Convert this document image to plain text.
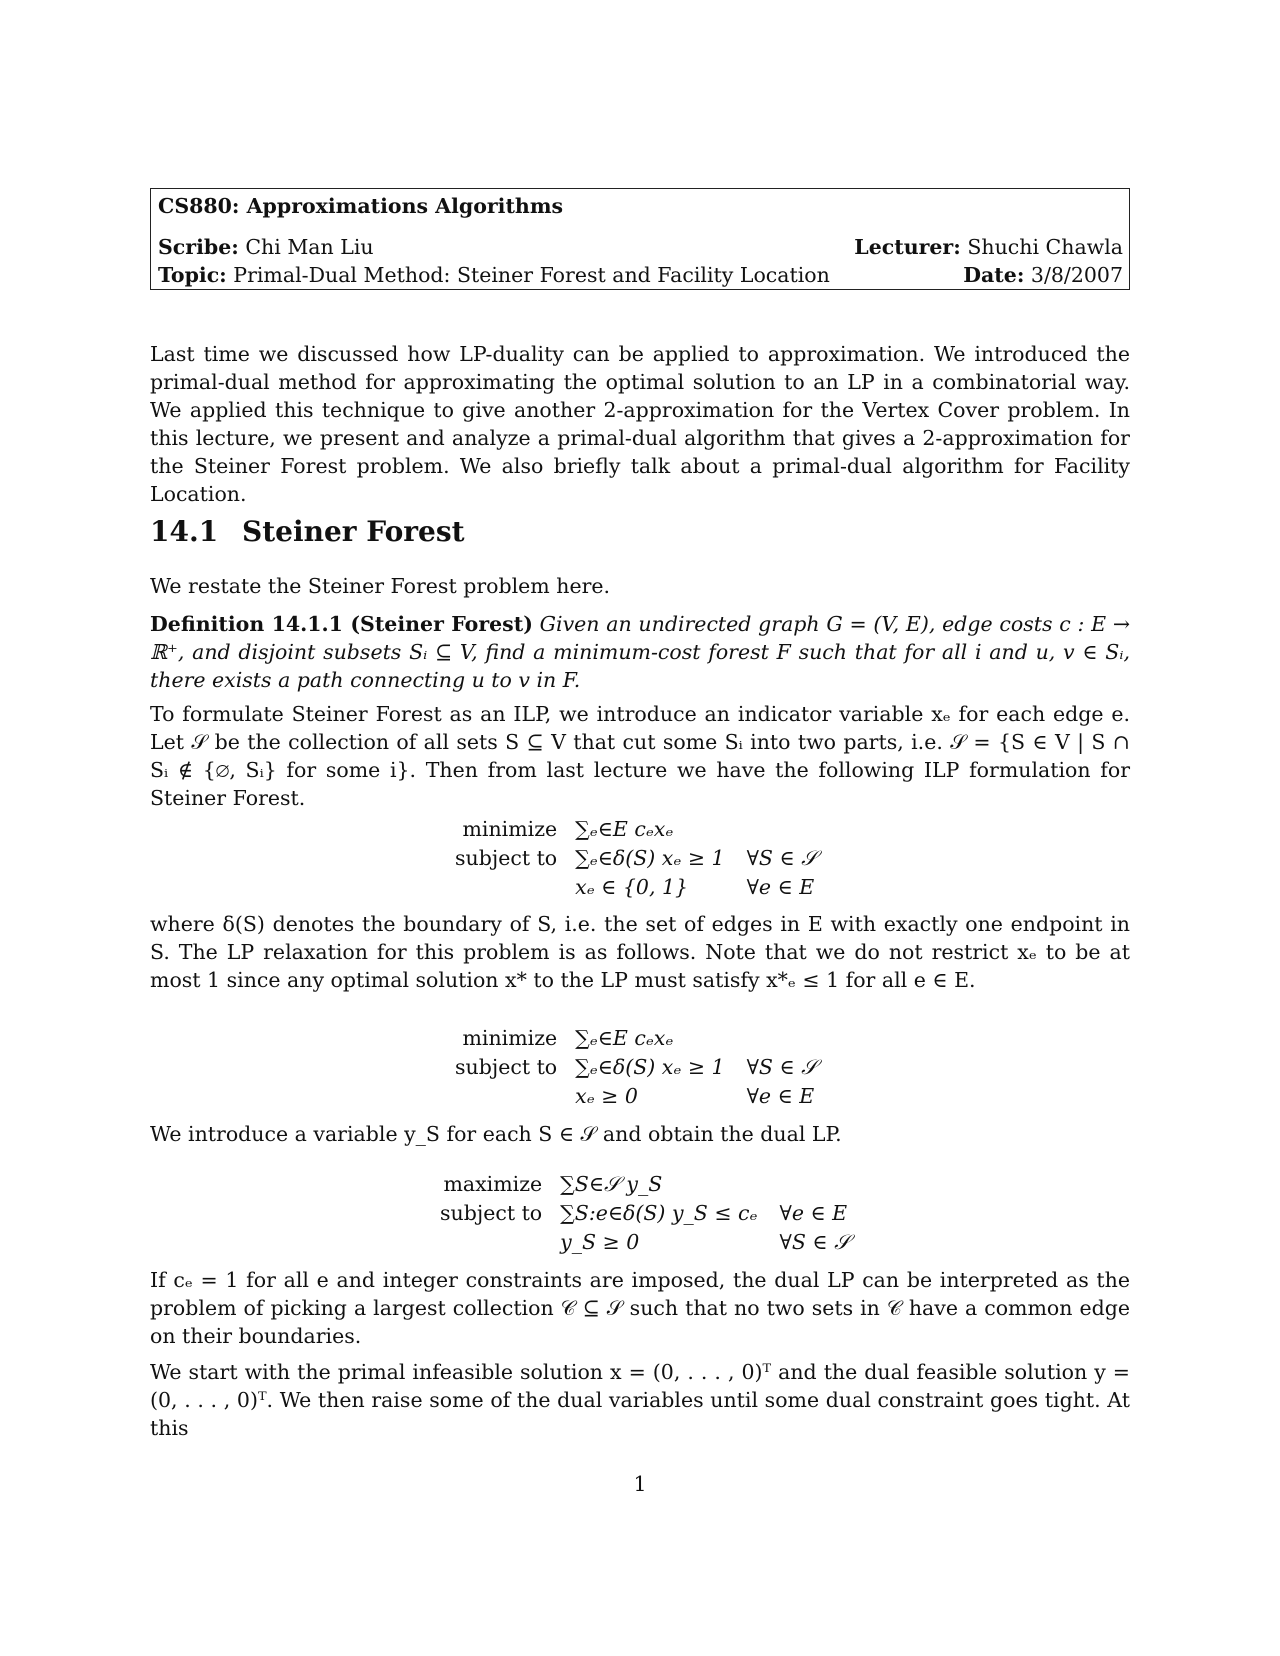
CS880: Approximations Algorithms
Scribe: Chi Man Liu	Lecturer: Shuchi Chawla
Topic: Primal-Dual Method: Steiner Forest and Facility Location	Date: 3/8/2007
Last time we discussed how LP-duality can be applied to approximation. We introduced the primal-dual method for approximating the optimal solution to an LP in a combinatorial way. We applied this technique to give another 2-approximation for the Vertex Cover problem. In this lecture, we present and analyze a primal-dual algorithm that gives a 2-approximation for the Steiner Forest problem. We also briefly talk about a primal-dual algorithm for Facility Location.
14.1 Steiner Forest
We restate the Steiner Forest problem here.
Definition 14.1.1 (Steiner Forest) Given an undirected graph G = (V, E), edge costs c : E → ℝ⁺, and disjoint subsets Sᵢ ⊆ V, find a minimum-cost forest F such that for all i and u, v ∈ Sᵢ, there exists a path connecting u to v in F.
To formulate Steiner Forest as an ILP, we introduce an indicator variable xₑ for each edge e. Let 𝒮 be the collection of all sets S ⊆ V that cut some Sᵢ into two parts, i.e. 𝒮 = {S ∈ V | S ∩ Sᵢ ∉ {∅, Sᵢ} for some i}. Then from last lecture we have the following ILP formulation for Steiner Forest.
minimize ∑ₑ∈E cₑxₑ
subject to ∑ₑ∈δ(S) xₑ ≥ 1 ∀S ∈ 𝒮
xₑ ∈ {0, 1}	∀e ∈ E
where δ(S) denotes the boundary of S, i.e. the set of edges in E with exactly one endpoint in S. The LP relaxation for this problem is as follows. Note that we do not restrict xₑ to be at most 1 since any optimal solution x* to the LP must satisfy x*ₑ ≤ 1 for all e ∈ E.
minimize ∑ₑ∈E cₑxₑ
subject to ∑ₑ∈δ(S) xₑ ≥ 1 ∀S ∈ 𝒮
xₑ ≥ 0	∀e ∈ E
We introduce a variable y_S for each S ∈ 𝒮 and obtain the dual LP.
maximize ∑S∈𝒮 y_S
subject to ∑S:e∈δ(S) y_S ≤ cₑ ∀e ∈ E
y_S ≥ 0	∀S ∈ 𝒮
If cₑ = 1 for all e and integer constraints are imposed, the dual LP can be interpreted as the problem of picking a largest collection 𝒞 ⊆ 𝒮 such that no two sets in 𝒞 have a common edge on their boundaries.
We start with the primal infeasible solution x = (0, . . . , 0)ᵀ and the dual feasible solution y = (0, . . . , 0)ᵀ. We then raise some of the dual variables until some dual constraint goes tight. At this
1
